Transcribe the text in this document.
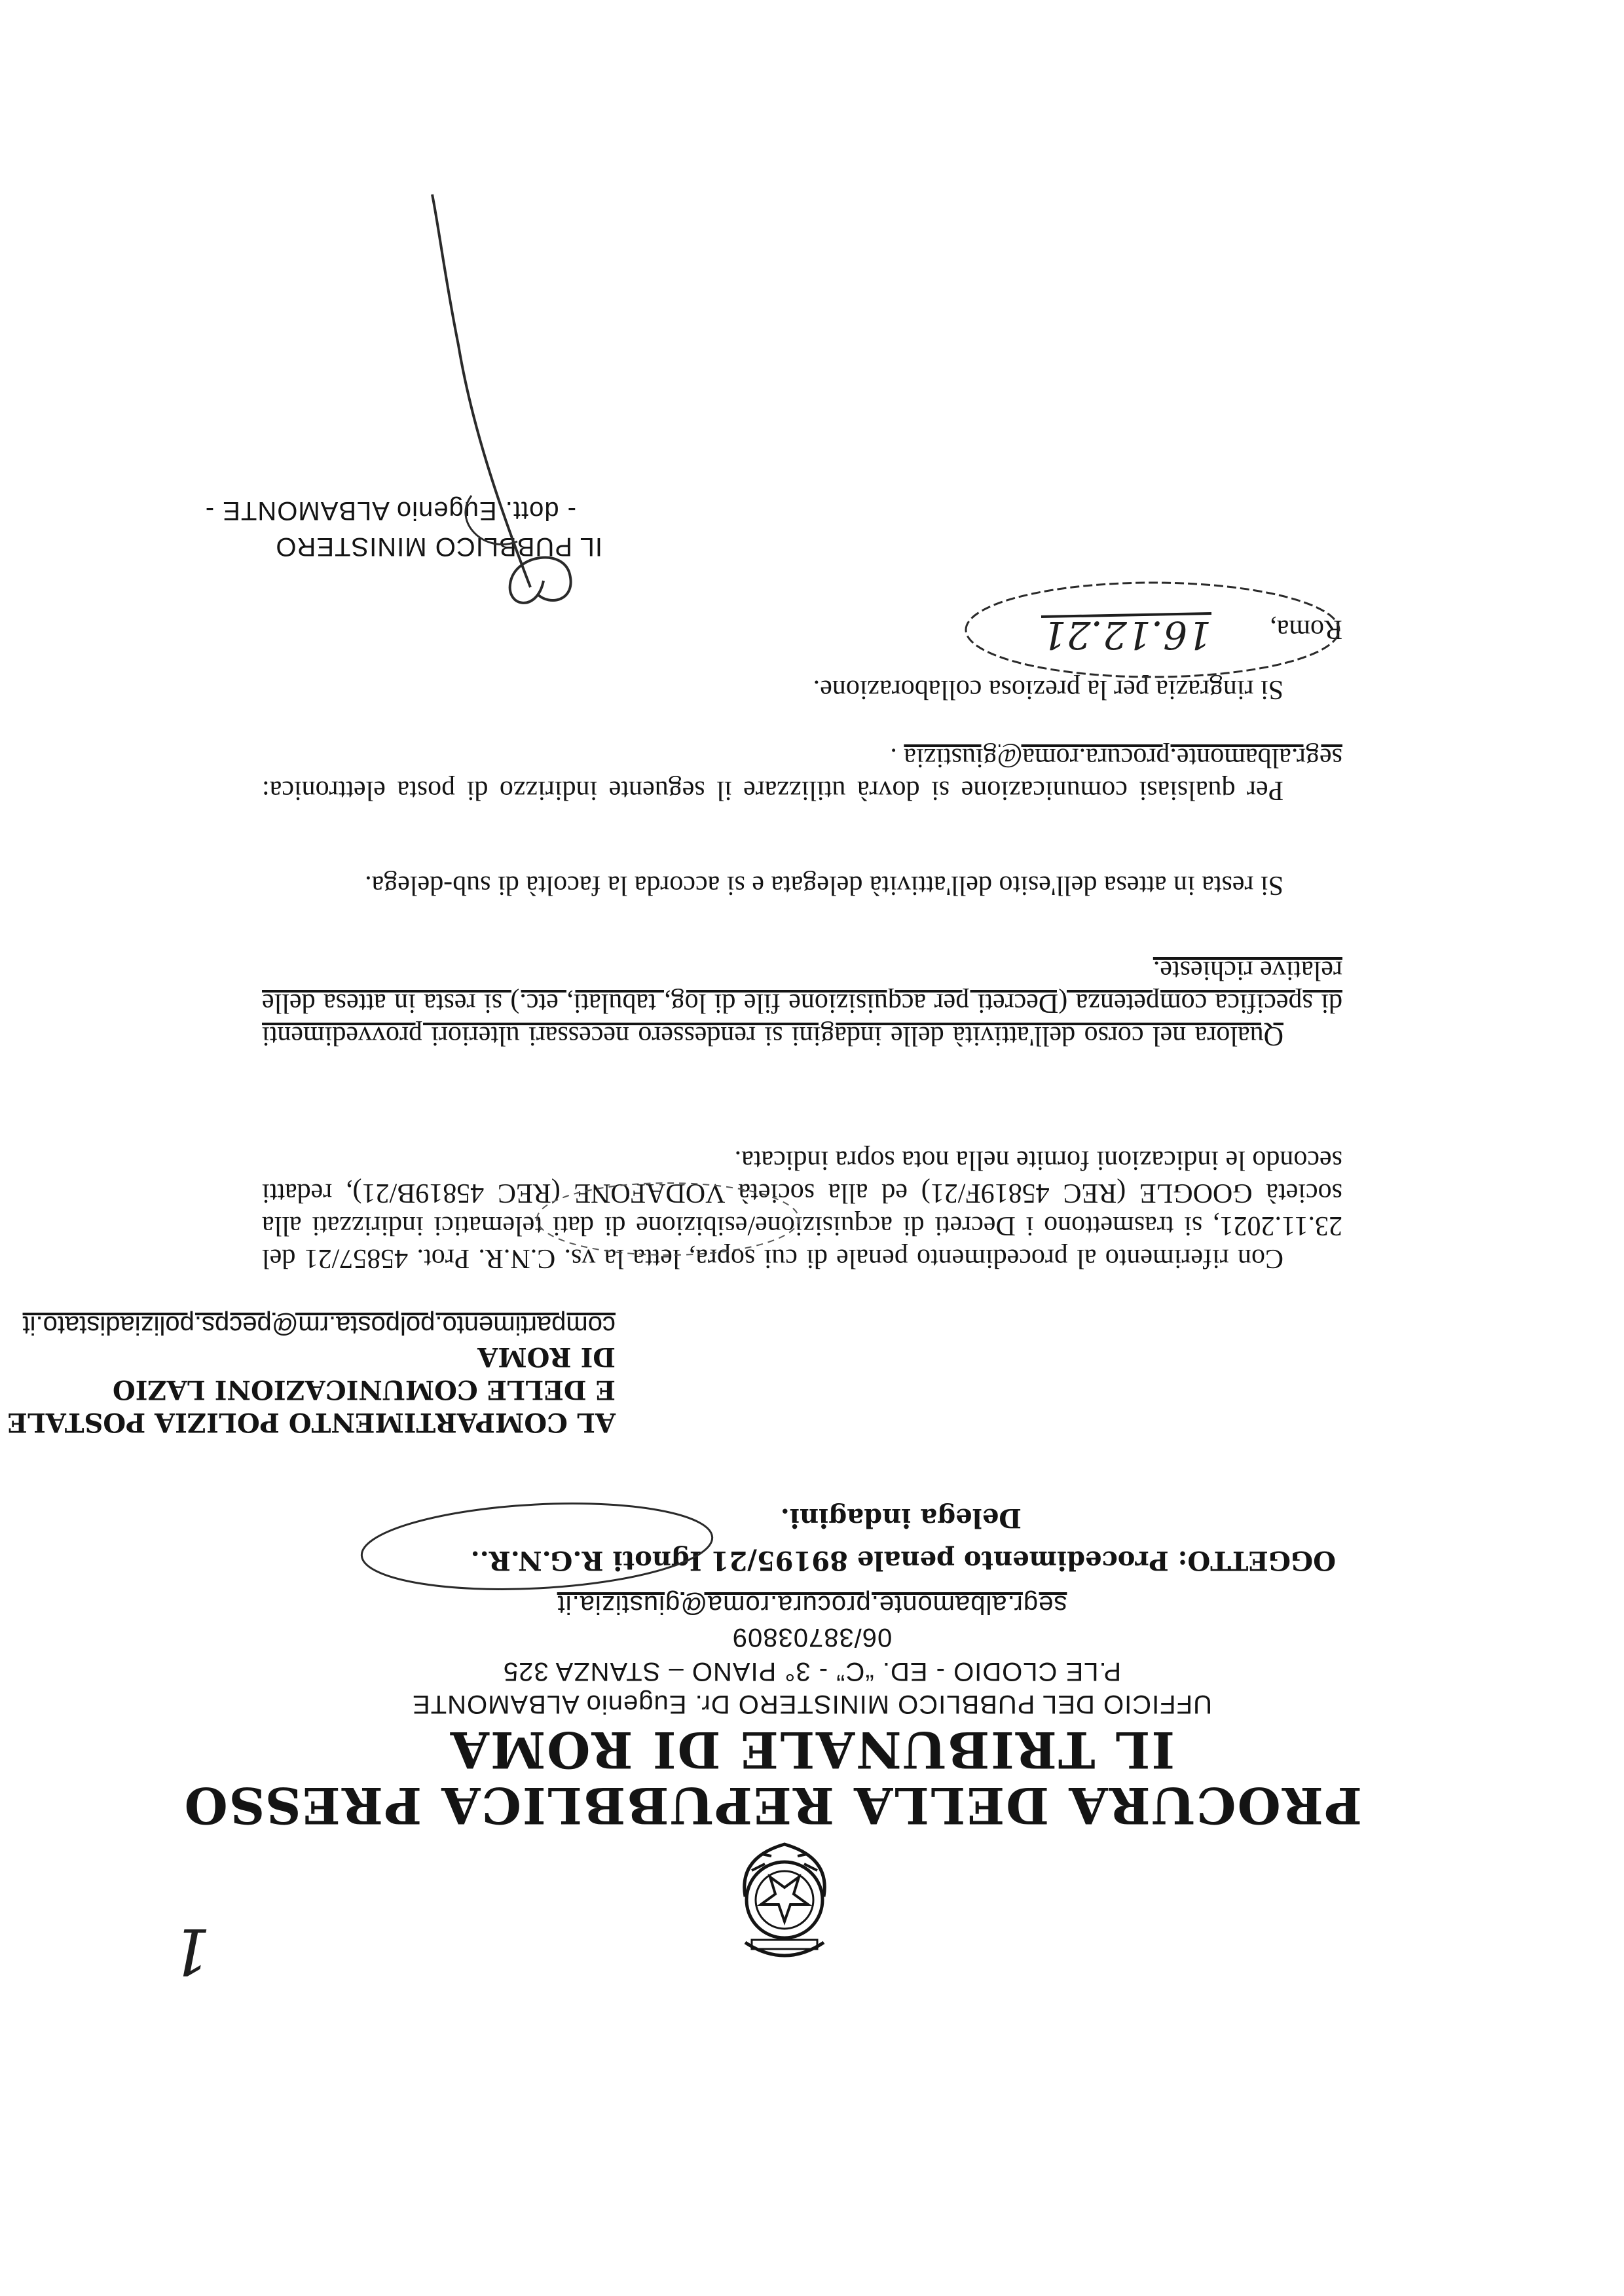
PROCURA DELLA REPUBBLICA PRESSO
IL TRIBUNALE DI ROMA
UFFICIO DEL PUBBLICO MINISTERO Dr. Eugenio ALBAMONTE
P.LE CLODIO - ED. “C” - 3° PIANO – STANZA 325
06/38703809
segr.albamonte.procura.roma@giustizia.it
OGGETTO: Procedimento penale 89195/21 Ignoti R.G.N.R..
Delega indagini.
AL COMPARTIMENTO POLIZIA POSTALE
E DELLE COMUNICAZIONI LAZIO
DI ROMA
compartimento.polposta.rm@pecps.poliziadistato.it
Con riferimento al procedimento penale di cui sopra, letta la vs. C.N.R. Prot. 45857/21 del 23.11.2021, si trasmettono i Decreti di acquisizione/esibizione di dati telematici indirizzati alla società GOOGLE (REC 45819F/21) ed alla società VODAFONE (REC 45819B/21), redatti secondo le indicazioni fornite nella nota sopra indicata.
Qualora nel corso dell'attività delle indagini si rendessero necessari ulteriori provvedimenti di specifica competenza (Decreti per acquisizione file di log, tabulati, etc.) si resta in attesa delle relative richieste.
Si resta in attesa dell'esito dell'attività delegata e si accorda la facoltà di sub-delega.
Per qualsiasi comunicazione si dovrà utilizzare il seguente indirizzo di posta elettronica: segr.albamonte.procura.roma@giustizia .
Si ringrazia per la preziosa collaborazione.
Roma,
16.12.21
IL PUBBLICO MINISTERO
- dott. Eugenio ALBAMONTE -
1
